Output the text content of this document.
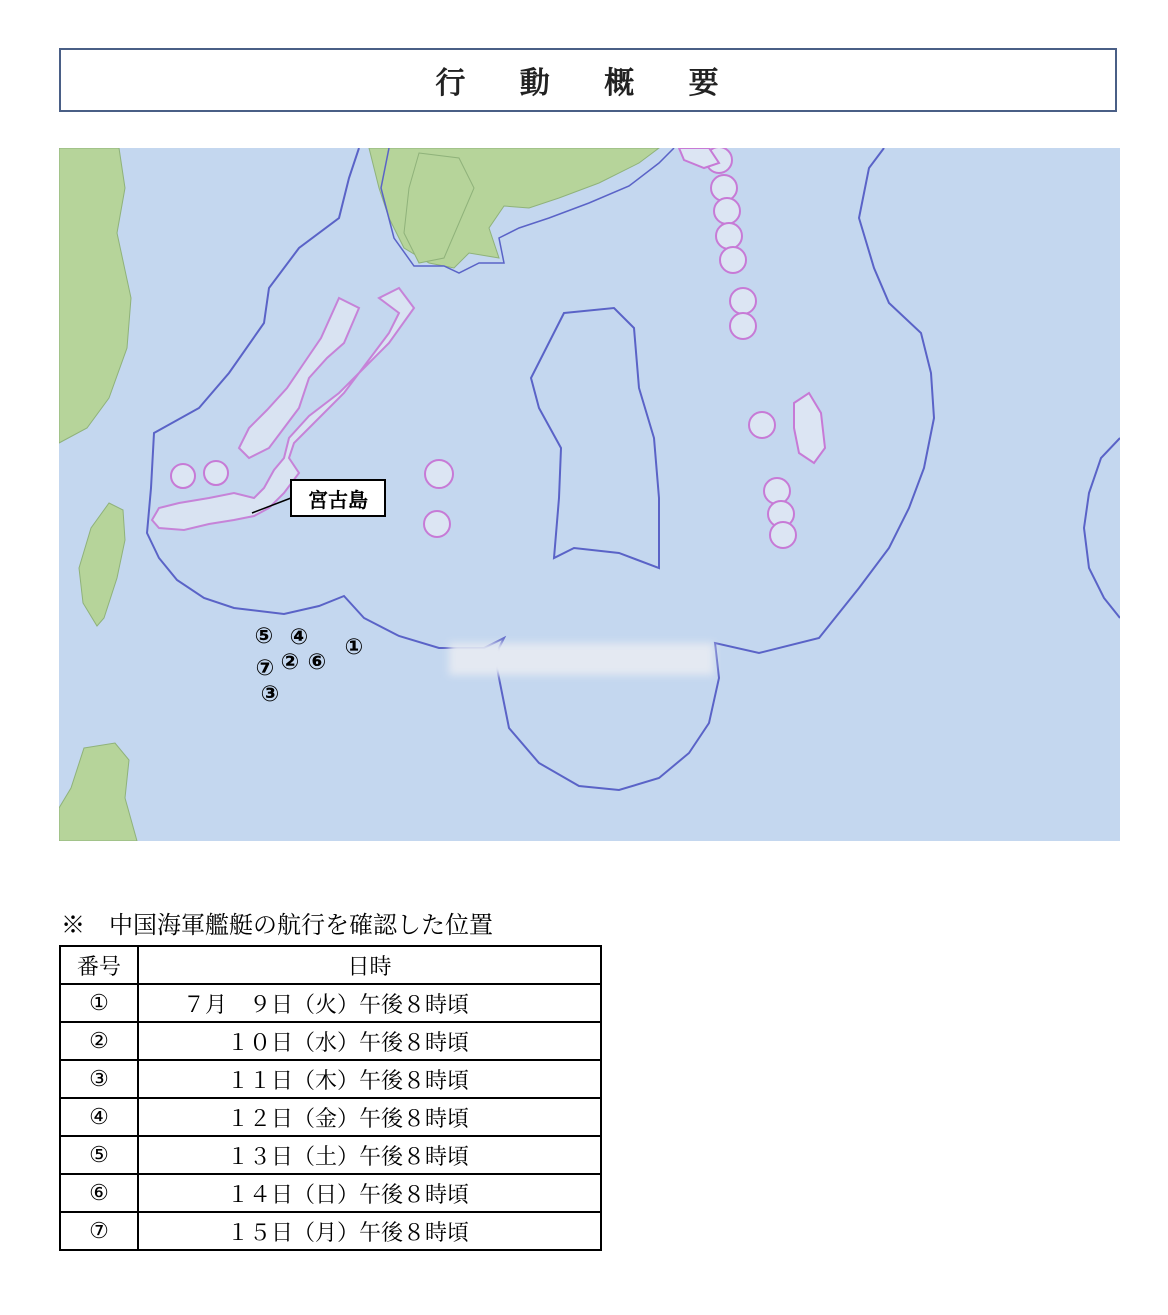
行 動 概 要
宮古島
①
②
③
④
⑤
⑥
⑦
※　中国海軍艦艇の航行を確認した位置
番号	日時
①	７月　９日（火）午後８時頃
②	　　１０日（水）午後８時頃
③	　　１１日（木）午後８時頃
④	　　１２日（金）午後８時頃
⑤	　　１３日（土）午後８時頃
⑥	　　１４日（日）午後８時頃
⑦	　　１５日（月）午後８時頃
